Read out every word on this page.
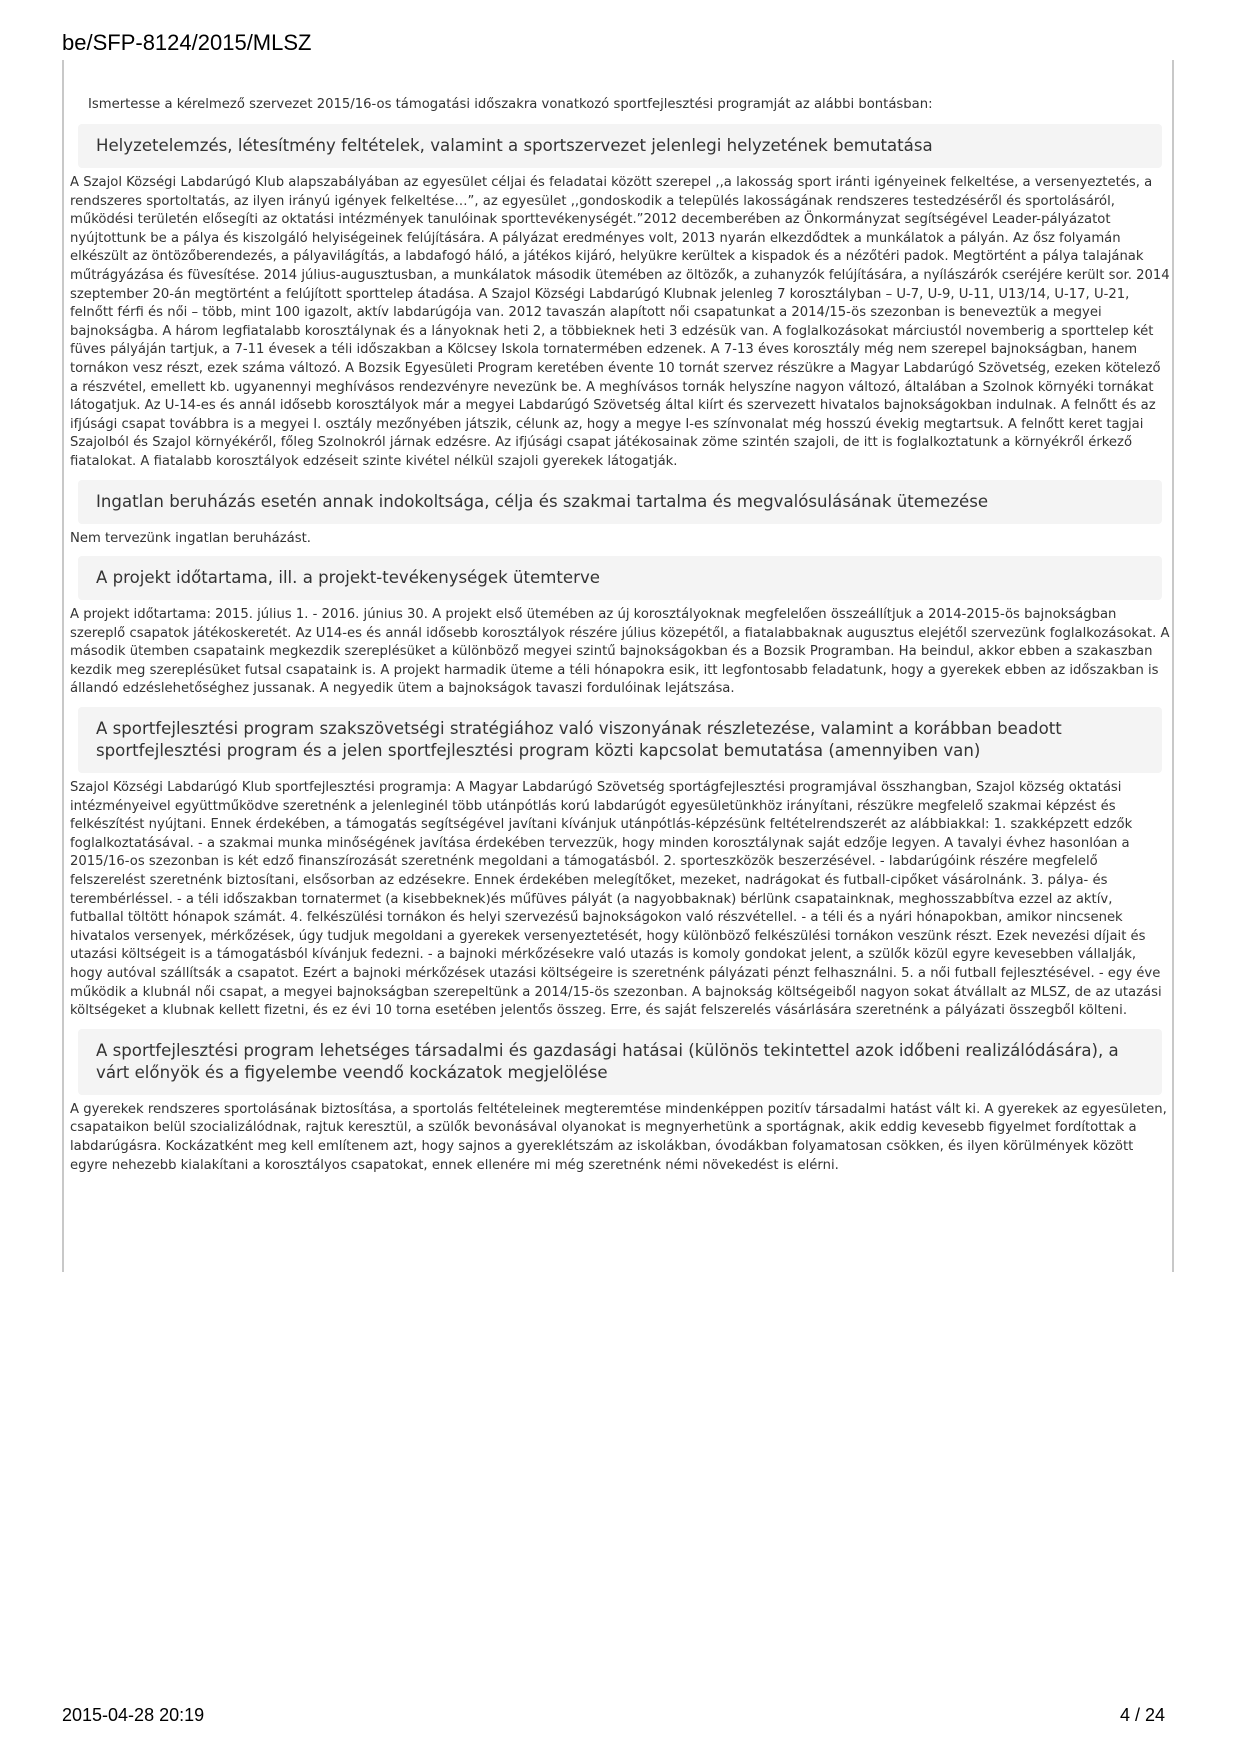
be/SFP-8124/2015/MLSZ
Ismertesse a kérelmező szervezet 2015/16-os támogatási időszakra vonatkozó sportfejlesztési programját az alábbi bontásban:
Helyzetelemzés, létesítmény feltételek, valamint a sportszervezet jelenlegi helyzetének bemutatása
A Szajol Községi Labdarúgó Klub alapszabályában az egyesület céljai és feladatai között szerepel ,,a lakosság sport iránti igényeinek felkeltése, a versenyeztetés, a rendszeres sportoltatás, az ilyen irányú igények felkeltése…”, az egyesület ,,gondoskodik a település lakosságának rendszeres testedzéséről és sportolásáról, működési területén elősegíti az oktatási intézmények tanulóinak sporttevékenységét.”2012 decemberében az Önkormányzat segítségével Leader-pályázatot nyújtottunk be a pálya és kiszolgáló helyiségeinek felújítására. A pályázat eredményes volt, 2013 nyarán elkezdődtek a munkálatok a pályán. Az ősz folyamán elkészült az öntözőberendezés, a pályavilágítás, a labdafogó háló, a játékos kijáró, helyükre kerültek a kispadok és a nézőtéri padok. Megtörtént a pálya talajának műtrágyázása és füvesítése. 2014 július-augusztusban, a munkálatok második ütemében az öltözők, a zuhanyzók felújítására, a nyílászárók cseréjére került sor. 2014 szeptember 20-án megtörtént a felújított sporttelep átadása. A Szajol Községi Labdarúgó Klubnak jelenleg 7 korosztályban – U-7, U-9, U-11, U13/14, U-17, U-21, felnőtt férfi és női – több, mint 100 igazolt, aktív labdarúgója van. 2012 tavaszán alapított női csapatunkat a 2014/15-ös szezonban is beneveztük a megyei bajnokságba. A három legfiatalabb korosztálynak és a lányoknak heti 2, a többieknek heti 3 edzésük van. A foglalkozásokat márciustól novemberig a sporttelep két füves pályáján tartjuk, a 7-11 évesek a téli időszakban a Kölcsey Iskola tornatermében edzenek. A 7-13 éves korosztály még nem szerepel bajnokságban, hanem tornákon vesz részt, ezek száma változó. A Bozsik Egyesületi Program keretében évente 10 tornát szervez részükre a Magyar Labdarúgó Szövetség, ezeken kötelező a részvétel, emellett kb. ugyanennyi meghívásos rendezvényre nevezünk be. A meghívásos tornák helyszíne nagyon változó, általában a Szolnok környéki tornákat látogatjuk. Az U-14-es és annál idősebb korosztályok már a megyei Labdarúgó Szövetség által kiírt és szervezett hivatalos bajnokságokban indulnak. A felnőtt és az ifjúsági csapat továbbra is a megyei I. osztály mezőnyében játszik, célunk az, hogy a megye I-es színvonalat még hosszú évekig megtartsuk. A felnőtt keret tagjai Szajolból és Szajol környékéről, főleg Szolnokról járnak edzésre. Az ifjúsági csapat játékosainak zöme szintén szajoli, de itt is foglalkoztatunk a környékről érkező fiatalokat. A fiatalabb korosztályok edzéseit szinte kivétel nélkül szajoli gyerekek látogatják.
Ingatlan beruházás esetén annak indokoltsága, célja és szakmai tartalma és megvalósulásának ütemezése
Nem tervezünk ingatlan beruházást.
A projekt időtartama, ill. a projekt-tevékenységek ütemterve
A projekt időtartama: 2015. július 1. - 2016. június 30. A projekt első ütemében az új korosztályoknak megfelelően összeállítjuk a 2014-2015-ös bajnokságban szereplő csapatok játékoskeretét. Az U14-es és annál idősebb korosztályok részére július közepétől, a fiatalabbaknak augusztus elejétől szervezünk foglalkozásokat. A második ütemben csapataink megkezdik szereplésüket a különböző megyei szintű bajnokságokban és a Bozsik Programban. Ha beindul, akkor ebben a szakaszban kezdik meg szereplésüket futsal csapataink is. A projekt harmadik üteme a téli hónapokra esik, itt legfontosabb feladatunk, hogy a gyerekek ebben az időszakban is állandó edzéslehetőséghez jussanak. A negyedik ütem a bajnokságok tavaszi fordulóinak lejátszása.
A sportfejlesztési program szakszövetségi stratégiához való viszonyának részletezése, valamint a korábban beadott sportfejlesztési program és a jelen sportfejlesztési program közti kapcsolat bemutatása (amennyiben van)
Szajol Községi Labdarúgó Klub sportfejlesztési programja: A Magyar Labdarúgó Szövetség sportágfejlesztési programjával összhangban, Szajol község oktatási intézményeivel együttműködve szeretnénk a jelenleginél több utánpótlás korú labdarúgót egyesületünkhöz irányítani, részükre megfelelő szakmai képzést és felkészítést nyújtani. Ennek érdekében, a támogatás segítségével javítani kívánjuk utánpótlás-képzésünk feltételrendszerét az alábbiakkal: 1. szakképzett edzők foglalkoztatásával. - a szakmai munka minőségének javítása érdekében tervezzük, hogy minden korosztálynak saját edzője legyen. A tavalyi évhez hasonlóan a 2015/16-os szezonban is két edző finanszírozását szeretnénk megoldani a támogatásból. 2. sporteszközök beszerzésével. - labdarúgóink részére megfelelő felszerelést szeretnénk biztosítani, elsősorban az edzésekre. Ennek érdekében melegítőket, mezeket, nadrágokat és futball-cipőket vásárolnánk. 3. pálya- és terembérléssel. - a téli időszakban tornatermet (a kisebbeknek)és műfüves pályát (a nagyobbaknak) bérlünk csapatainknak, meghosszabbítva ezzel az aktív, futballal töltött hónapok számát. 4. felkészülési tornákon és helyi szervezésű bajnokságokon való részvétellel. - a téli és a nyári hónapokban, amikor nincsenek hivatalos versenyek, mérkőzések, úgy tudjuk megoldani a gyerekek versenyeztetését, hogy különböző felkészülési tornákon veszünk részt. Ezek nevezési díjait és utazási költségeit is a támogatásból kívánjuk fedezni. - a bajnoki mérkőzésekre való utazás is komoly gondokat jelent, a szülők közül egyre kevesebben vállalják, hogy autóval szállítsák a csapatot. Ezért a bajnoki mérkőzések utazási költségeire is szeretnénk pályázati pénzt felhasználni. 5. a női futball fejlesztésével. - egy éve működik a klubnál női csapat, a megyei bajnokságban szerepeltünk a 2014/15-ös szezonban. A bajnokság költségeiből nagyon sokat átvállalt az MLSZ, de az utazási költségeket a klubnak kellett fizetni, és ez évi 10 torna esetében jelentős összeg. Erre, és saját felszerelés vásárlására szeretnénk a pályázati összegből költeni.
A sportfejlesztési program lehetséges társadalmi és gazdasági hatásai (különös tekintettel azok időbeni realizálódására), a várt előnyök és a figyelembe veendő kockázatok megjelölése
A gyerekek rendszeres sportolásának biztosítása, a sportolás feltételeinek megteremtése mindenképpen pozitív társadalmi hatást vált ki. A gyerekek az egyesületen, csapataikon belül szocializálódnak, rajtuk keresztül, a szülők bevonásával olyanokat is megnyerhetünk a sportágnak, akik eddig kevesebb figyelmet fordítottak a labdarúgásra. Kockázatként meg kell említenem azt, hogy sajnos a gyereklétszám az iskolákban, óvodákban folyamatosan csökken, és ilyen körülmények között egyre nehezebb kialakítani a korosztályos csapatokat, ennek ellenére mi még szeretnénk némi növekedést is elérni.
2015-04-28 20:19	4 / 24
